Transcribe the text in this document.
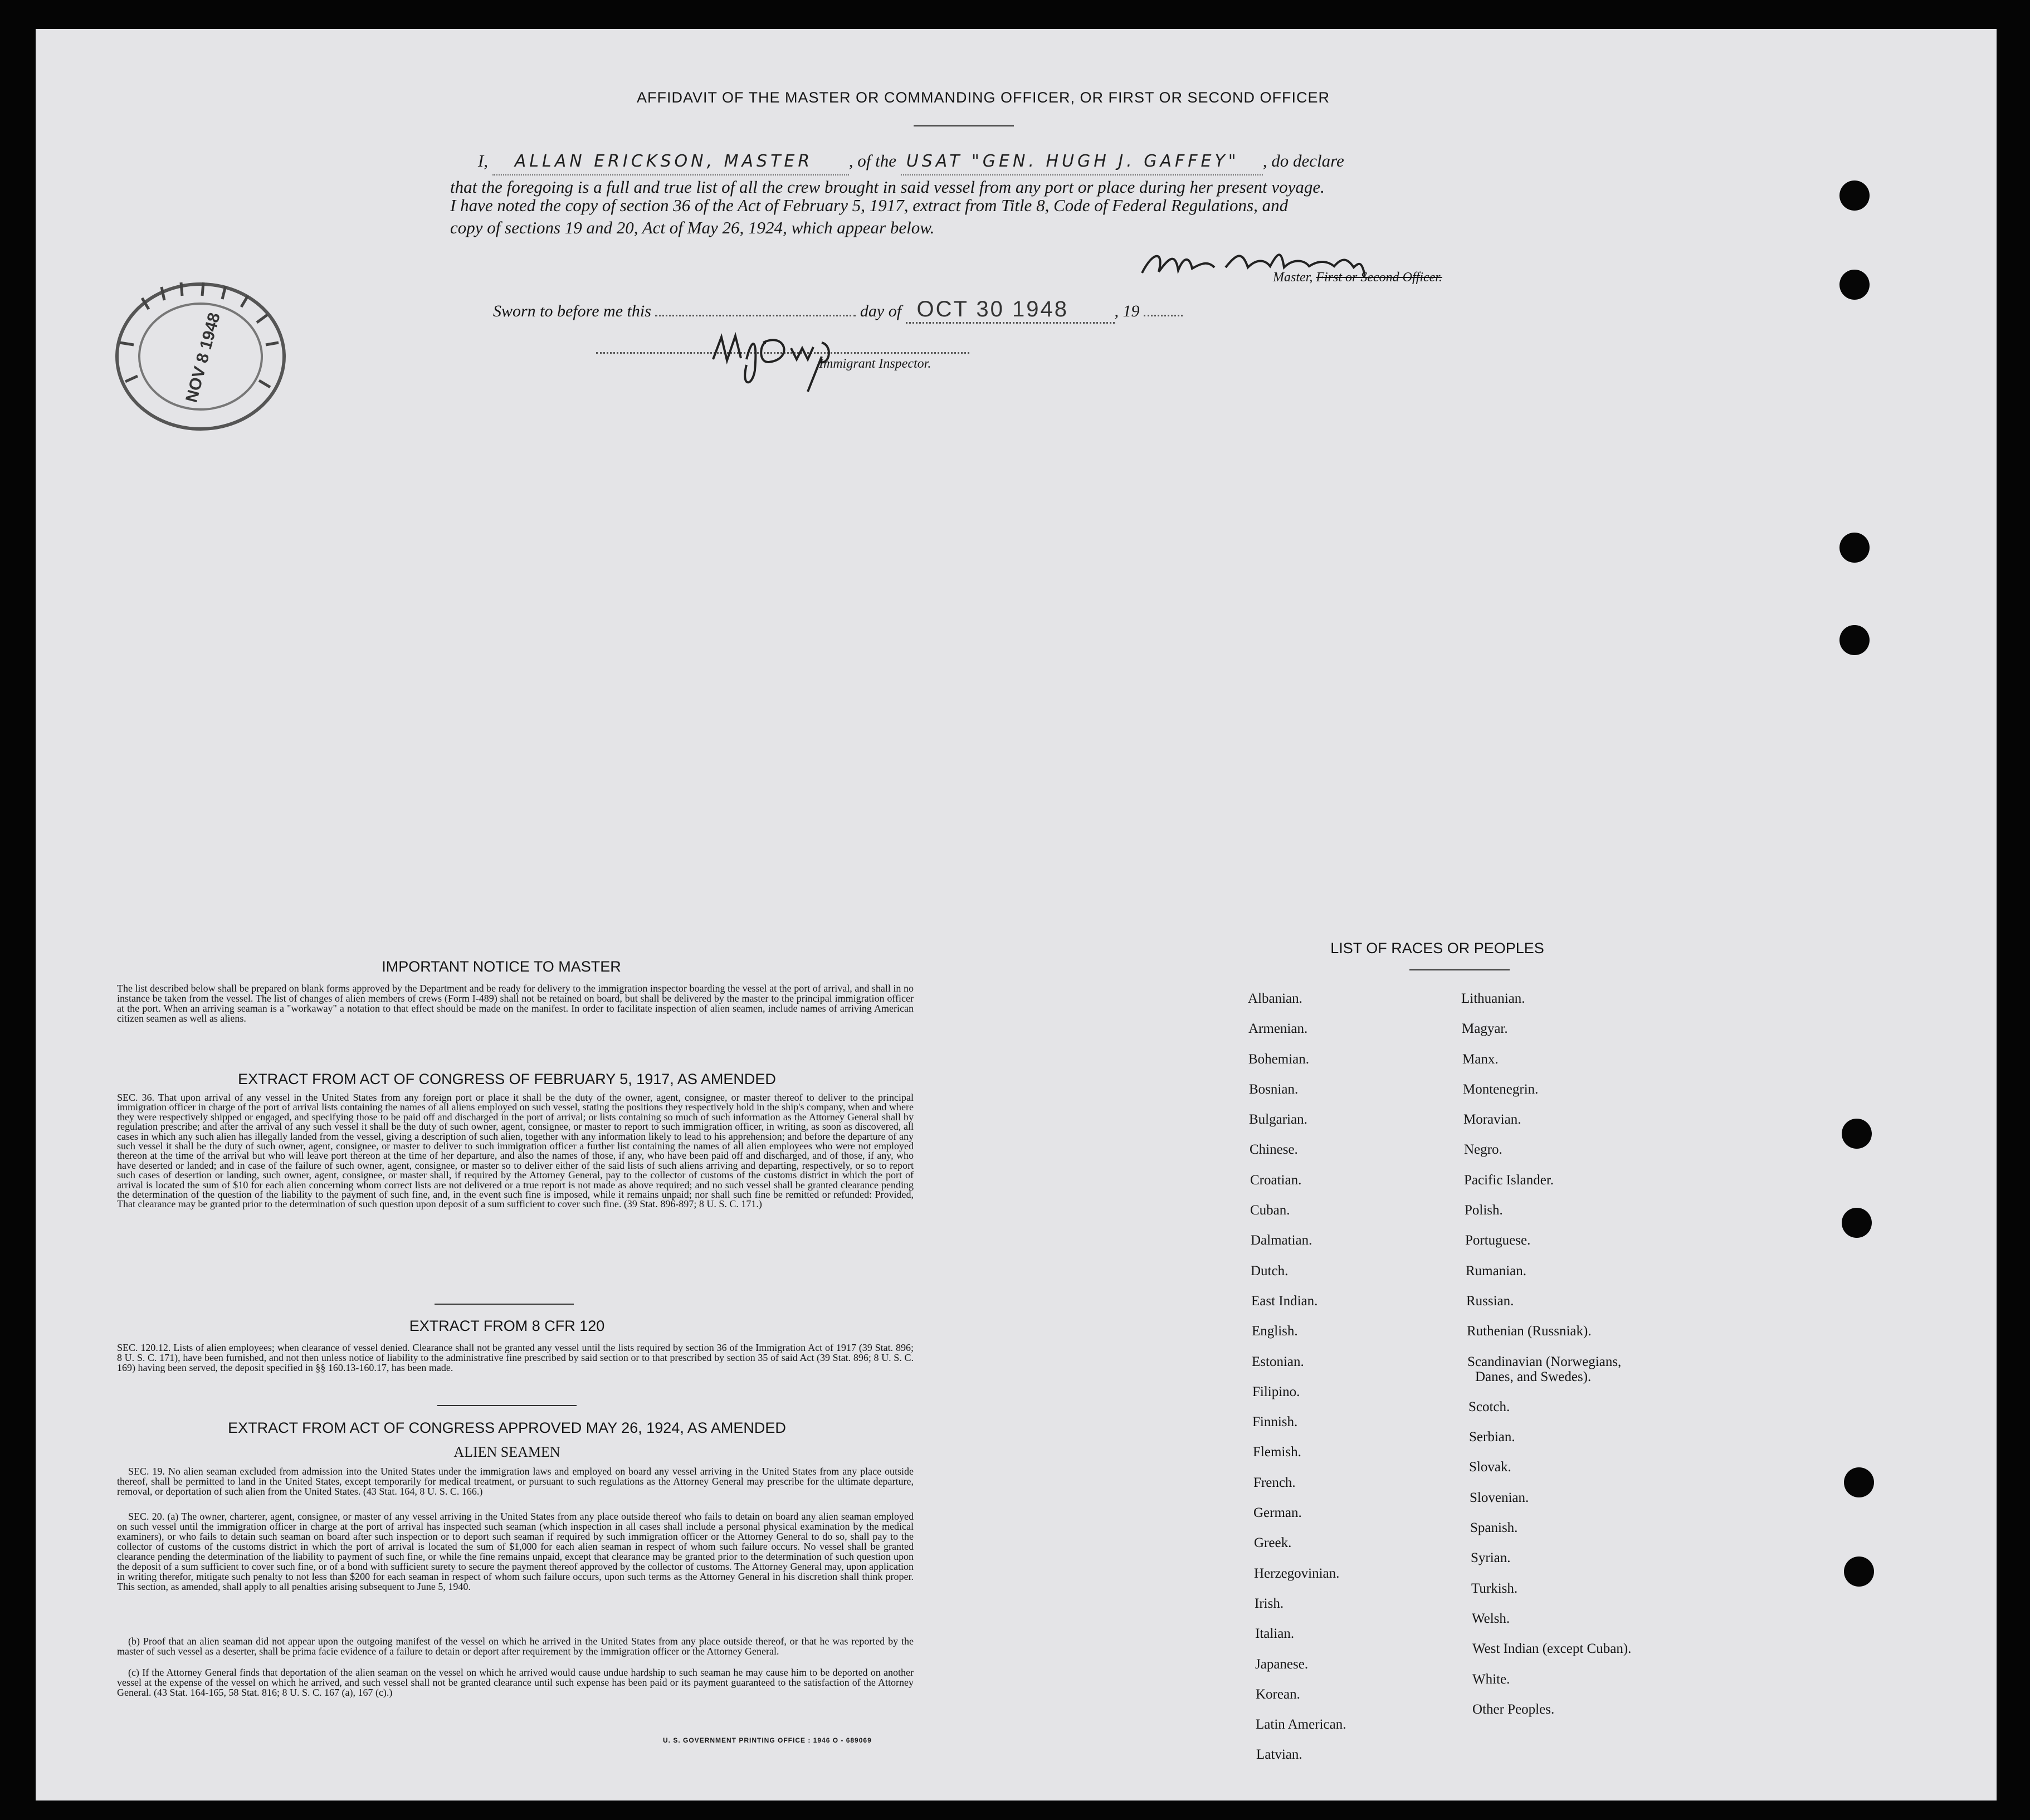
AFFIDAVIT OF THE MASTER OR COMMANDING OFFICER, OR FIRST OR SECOND OFFICER
I, ALLAN ERICKSON, MASTER , of the USAT "GEN. HUGH J. GAFFEY" , do declare
that the foregoing is a full and true list of all the crew brought in said vessel from any port or place during her present voyage.
I have noted the copy of section 36 of the Act of February 5, 1917, extract from Title 8, Code of Federal Regulations, and
copy of sections 19 and 20, Act of May 26, 1924, which appear below.
Master, First or Second Officer.
Sworn to before me this	day of OCT 30 1948	, 19
Immigrant Inspector.
NOV 8 1948
IMPORTANT NOTICE TO MASTER
The list described below shall be prepared on blank forms approved by the Department and be ready for delivery to the immigration inspector boarding the vessel at the port of arrival, and shall in no instance be taken from the vessel. The list of changes of alien members of crews (Form I-489) shall not be retained on board, but shall be delivered by the master to the principal immigration officer at the port. When an arriving seaman is a "workaway" a notation to that effect should be made on the manifest. In order to facilitate inspection of alien seamen, include names of arriving American citizen seamen as well as aliens.
EXTRACT FROM ACT OF CONGRESS OF FEBRUARY 5, 1917, AS AMENDED
SEC. 36. That upon arrival of any vessel in the United States from any foreign port or place it shall be the duty of the owner, agent, consignee, or master thereof to deliver to the principal immigration officer in charge of the port of arrival lists containing the names of all aliens employed on such vessel, stating the positions they respectively hold in the ship's company, when and where they were respectively shipped or engaged, and specifying those to be paid off and discharged in the port of arrival; or lists containing so much of such information as the Attorney General shall by regulation prescribe; and after the arrival of any such vessel it shall be the duty of such owner, agent, consignee, or master to report to such immigration officer, in writing, as soon as discovered, all cases in which any such alien has illegally landed from the vessel, giving a description of such alien, together with any information likely to lead to his apprehension; and before the departure of any such vessel it shall be the duty of such owner, agent, consignee, or master to deliver to such immigration officer a further list containing the names of all alien employees who were not employed thereon at the time of the arrival but who will leave port thereon at the time of her departure, and also the names of those, if any, who have been paid off and discharged, and of those, if any, who have deserted or landed; and in case of the failure of such owner, agent, consignee, or master so to deliver either of the said lists of such aliens arriving and departing, respectively, or so to report such cases of desertion or landing, such owner, agent, consignee, or master shall, if required by the Attorney General, pay to the collector of customs of the customs district in which the port of arrival is located the sum of $10 for each alien concerning whom correct lists are not delivered or a true report is not made as above required; and no such vessel shall be granted clearance pending the determination of the question of the liability to the payment of such fine, and, in the event such fine is imposed, while it remains unpaid; nor shall such fine be remitted or refunded: Provided, That clearance may be granted prior to the determination of such question upon deposit of a sum sufficient to cover such fine. (39 Stat. 896-897; 8 U. S. C. 171.)
EXTRACT FROM 8 CFR 120
SEC. 120.12. Lists of alien employees; when clearance of vessel denied. Clearance shall not be granted any vessel until the lists required by section 36 of the Immigration Act of 1917 (39 Stat. 896; 8 U. S. C. 171), have been furnished, and not then unless notice of liability to the administrative fine prescribed by said section or to that prescribed by section 35 of said Act (39 Stat. 896; 8 U. S. C. 169) having been served, the deposit specified in §§ 160.13-160.17, has been made.
EXTRACT FROM ACT OF CONGRESS APPROVED MAY 26, 1924, AS AMENDED
ALIEN SEAMEN
SEC. 19. No alien seaman excluded from admission into the United States under the immigration laws and employed on board any vessel arriving in the United States from any place outside thereof, shall be permitted to land in the United States, except temporarily for medical treatment, or pursuant to such regulations as the Attorney General may prescribe for the ultimate departure, removal, or deportation of such alien from the United States. (43 Stat. 164, 8 U. S. C. 166.)
SEC. 20. (a) The owner, charterer, agent, consignee, or master of any vessel arriving in the United States from any place outside thereof who fails to detain on board any alien seaman employed on such vessel until the immigration officer in charge at the port of arrival has inspected such seaman (which inspection in all cases shall include a personal physical examination by the medical examiners), or who fails to detain such seaman on board after such inspection or to deport such seaman if required by such immigration officer or the Attorney General to do so, shall pay to the collector of customs of the customs district in which the port of arrival is located the sum of $1,000 for each alien seaman in respect of whom such failure occurs. No vessel shall be granted clearance pending the determination of the liability to payment of such fine, or while the fine remains unpaid, except that clearance may be granted prior to the determination of such question upon the deposit of a sum sufficient to cover such fine, or of a bond with sufficient surety to secure the payment thereof approved by the collector of customs. The Attorney General may, upon application in writing therefor, mitigate such penalty to not less than $200 for each seaman in respect of whom such failure occurs, upon such terms as the Attorney General in his discretion shall think proper. This section, as amended, shall apply to all penalties arising subsequent to June 5, 1940.
(b) Proof that an alien seaman did not appear upon the outgoing manifest of the vessel on which he arrived in the United States from any place outside thereof, or that he was reported by the master of such vessel as a deserter, shall be prima facie evidence of a failure to detain or deport after requirement by the immigration officer or the Attorney General.
(c) If the Attorney General finds that deportation of the alien seaman on the vessel on which he arrived would cause undue hardship to such seaman he may cause him to be deported on another vessel at the expense of the vessel on which he arrived, and such vessel shall not be granted clearance until such expense has been paid or its payment guaranteed to the satisfaction of the Attorney General. (43 Stat. 164-165, 58 Stat. 816; 8 U. S. C. 167 (a), 167 (c).)
U. S. GOVERNMENT PRINTING OFFICE : 1946 O - 689069
LIST OF RACES OR PEOPLES
Albanian.
Armenian.
Bohemian.
Bosnian.
Bulgarian.
Chinese.
Croatian.
Cuban.
Dalmatian.
Dutch.
East Indian.
English.
Estonian.
Filipino.
Finnish.
Flemish.
French.
German.
Greek.
Herzegovinian.
Irish.
Italian.
Japanese.
Korean.
Latin American.
Latvian.
Lithuanian.
Magyar.
Manx.
Montenegrin.
Moravian.
Negro.
Pacific Islander.
Polish.
Portuguese.
Rumanian.
Russian.
Ruthenian (Russniak).
Scandinavian (Norwegians,
Danes, and Swedes).
Scotch.
Serbian.
Slovak.
Slovenian.
Spanish.
Syrian.
Turkish.
Welsh.
West Indian (except Cuban).
White.
Other Peoples.
